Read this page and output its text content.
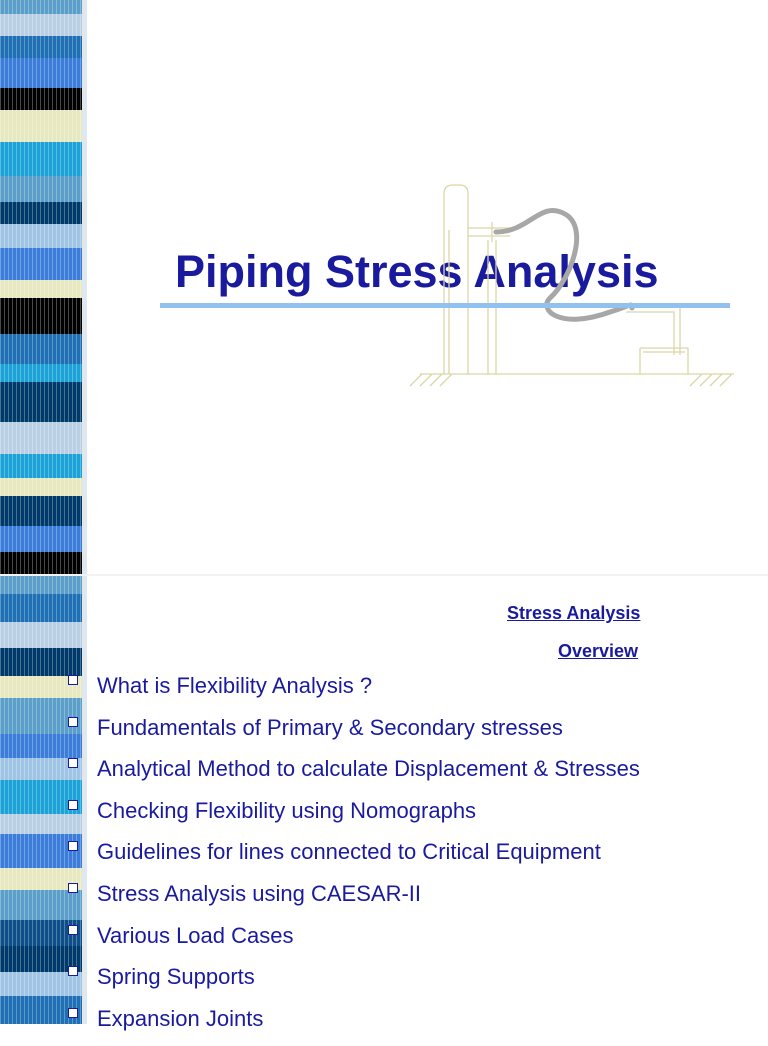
Piping Stress Analysis
Stress Analysis
Overview
What is Flexibility Analysis ?
Fundamentals of Primary & Secondary stresses
Analytical Method to calculate Displacement & Stresses
Checking Flexibility using Nomographs
Guidelines for lines connected to Critical Equipment
Stress Analysis using CAESAR-II
Various Load Cases
Spring Supports
Expansion Joints
